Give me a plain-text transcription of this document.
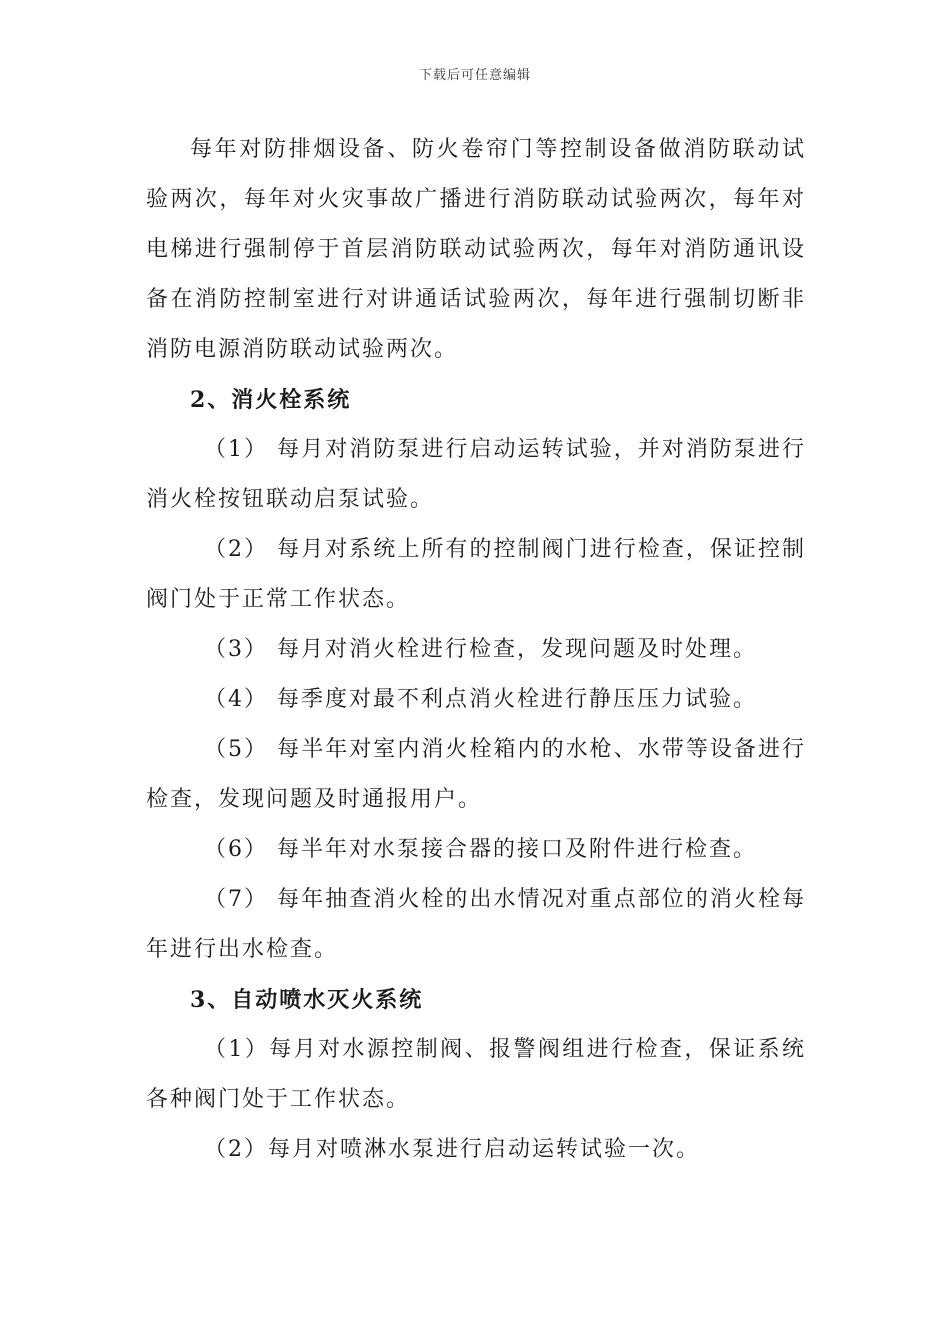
下载后可任意编辑

每年对防排烟设备、防火卷帘门等控制设备做消防联动试验两次，每年对火灾事故广播进行消防联动试验两次，每年对电梯进行强制停于首层消防联动试验两次，每年对消防通讯设备在消防控制室进行对讲通话试验两次，每年进行强制切断非消防电源消防联动试验两次。

2、消火栓系统

（1） 每月对消防泵进行启动运转试验，并对消防泵进行消火栓按钮联动启泵试验。

（2） 每月对系统上所有的控制阀门进行检查，保证控制阀门处于正常工作状态。

（3） 每月对消火栓进行检查，发现问题及时处理。

（4） 每季度对最不利点消火栓进行静压压力试验。

（5） 每半年对室内消火栓箱内的水枪、水带等设备进行检查，发现问题及时通报用户。

（6） 每半年对水泵接合器的接口及附件进行检查。

（7） 每年抽查消火栓的出水情况对重点部位的消火栓每年进行出水检查。

3、自动喷水灭火系统

（1）每月对水源控制阀、报警阀组进行检查，保证系统各种阀门处于工作状态。

（2）每月对喷淋水泵进行启动运转试验一次。
